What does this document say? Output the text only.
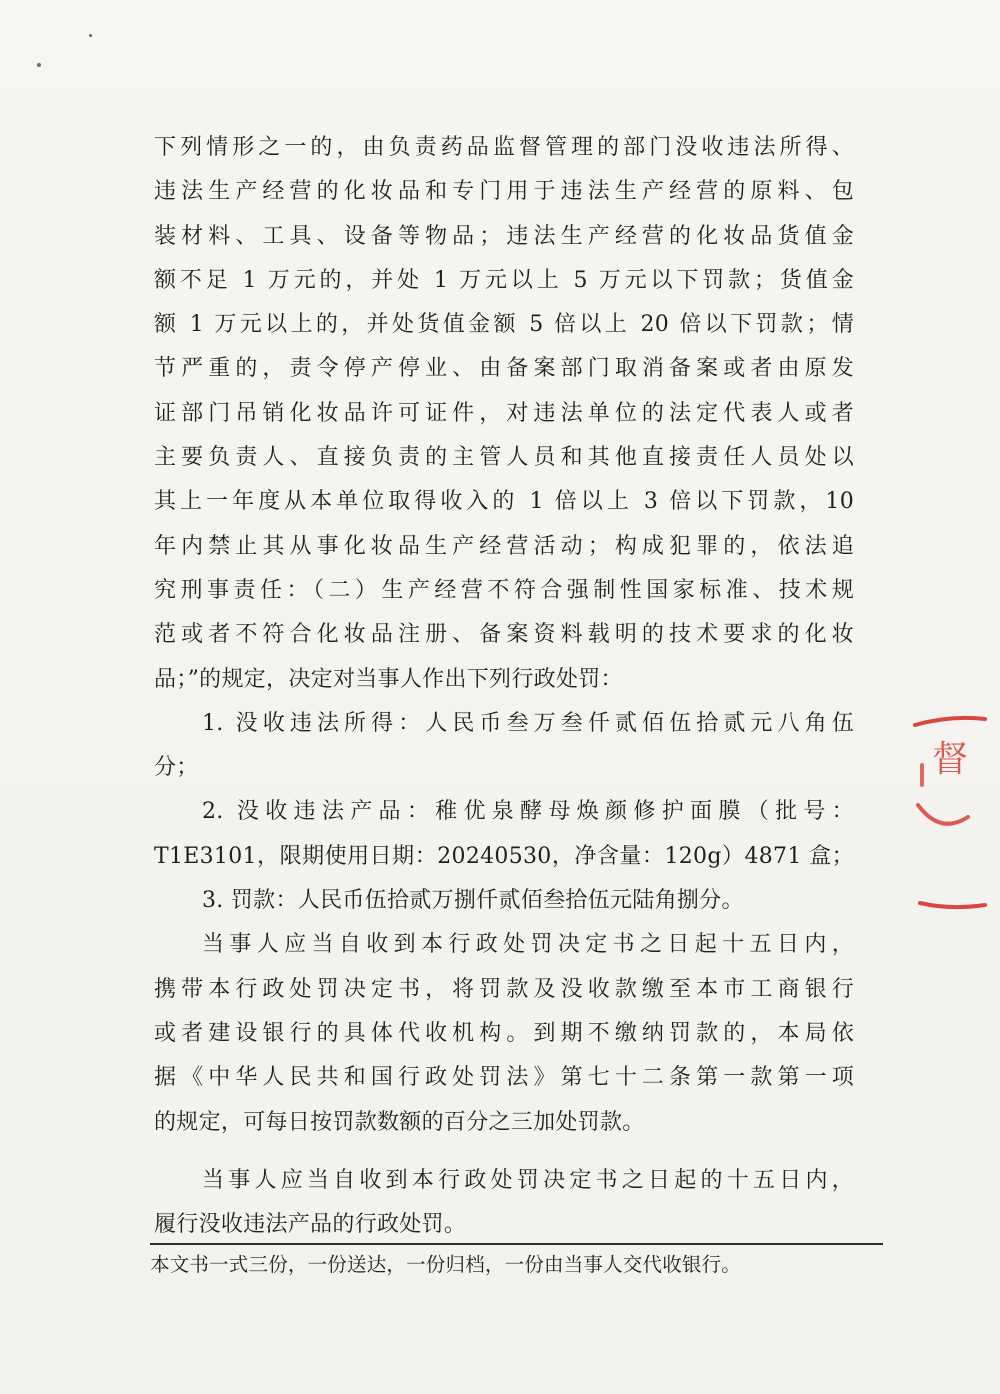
下列情形之一的，由负责药品监督管理的部门没收违法所得、
违法生产经营的化妆品和专门用于违法生产经营的原料、包
装材料、工具、设备等物品；违法生产经营的化妆品货值金
额不足 1 万元的，并处 1 万元以上 5 万元以下罚款；货值金
额 1 万元以上的，并处货值金额 5 倍以上 20 倍以下罚款；情
节严重的，责令停产停业、由备案部门取消备案或者由原发
证部门吊销化妆品许可证件，对违法单位的法定代表人或者
主要负责人、直接负责的主管人员和其他直接责任人员处以
其上一年度从本单位取得收入的 1 倍以上 3 倍以下罚款，10
年内禁止其从事化妆品生产经营活动；构成犯罪的，依法追
究刑事责任：（二）生产经营不符合强制性国家标准、技术规
范或者不符合化妆品注册、备案资料载明的技术要求的化妆
品；”的规定，决定对当事人作出下列行政处罚：
1. 没收违法所得：人民币叁万叁仟贰佰伍拾贰元八角伍
分；
2. 没收违法产品：稚优泉酵母焕颜修护面膜（批号：
T1E3101，限期使用日期：20240530，净含量：120g）4871 盒；
3. 罚款：人民币伍拾贰万捌仟贰佰叁拾伍元陆角捌分。
当事人应当自收到本行政处罚决定书之日起十五日内，
携带本行政处罚决定书，将罚款及没收款缴至本市工商银行
或者建设银行的具体代收机构。到期不缴纳罚款的，本局依
据《中华人民共和国行政处罚法》第七十二条第一款第一项
的规定，可每日按罚款数额的百分之三加处罚款。
当事人应当自收到本行政处罚决定书之日起的十五日内，
履行没收违法产品的行政处罚。
督
本文书一式三份，一份送达，一份归档，一份由当事人交代收银行。
